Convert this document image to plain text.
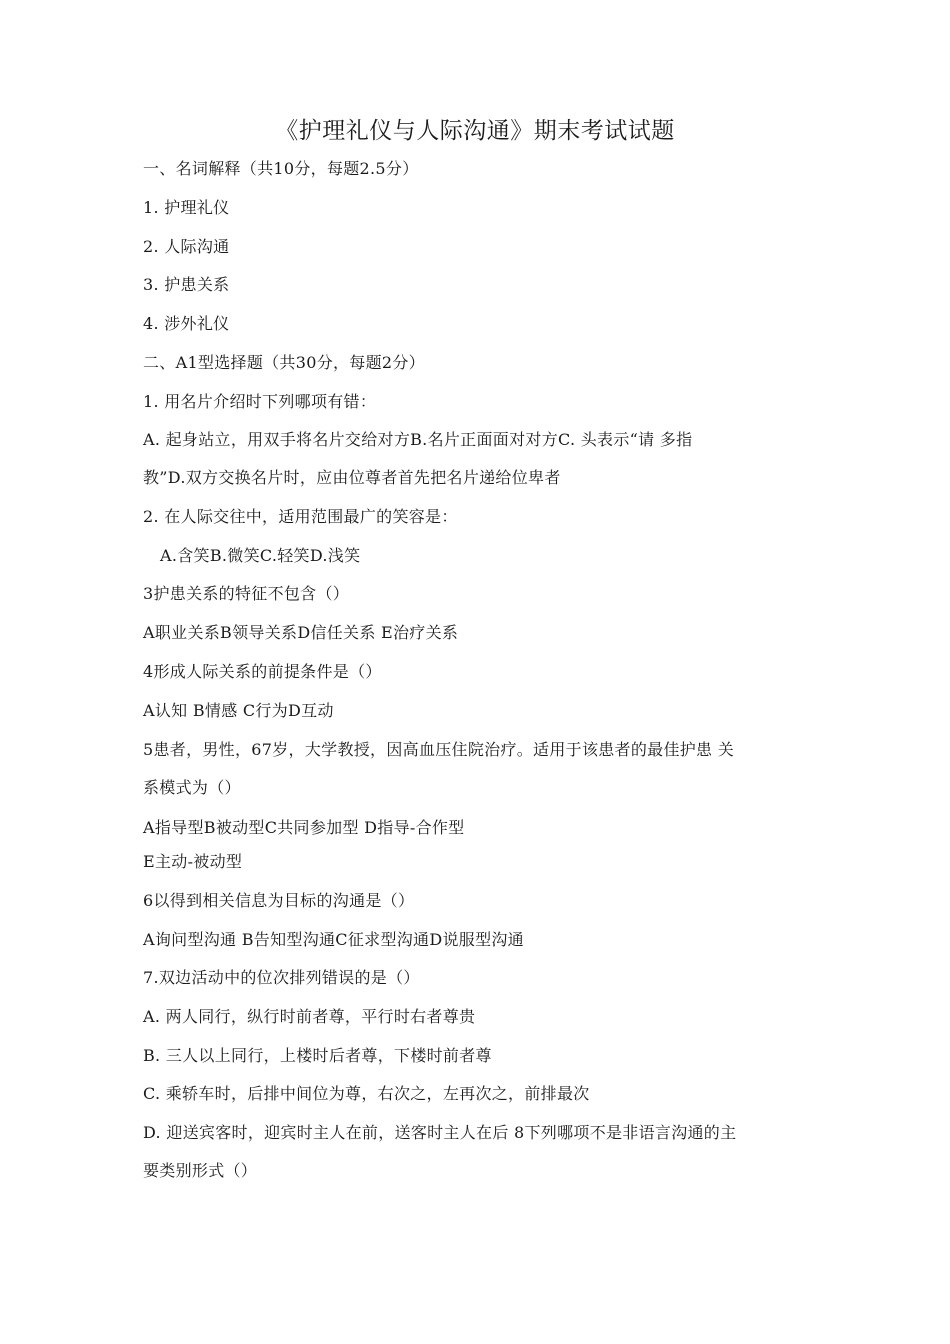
《护理礼仪与人际沟通》期末考试试题
一、名词解释（共10分，每题2.5分）
1. 护理礼仪
2. 人际沟通
3. 护患关系
4. 涉外礼仪
二、A1型选择题（共30分，每题2分）
1. 用名片介绍时下列哪项有错：
A. 起身站立，用双手将名片交给对方B.名片正面面对对方C. 头表示“请 多指
教”D.双方交换名片时，应由位尊者首先把名片递给位卑者
2. 在人际交往中，适用范围最广的笑容是：
A.含笑B.微笑C.轻笑D.浅笑
3护患关系的特征不包含（）
A职业关系B领导关系D信任关系 E治疗关系
4形成人际关系的前提条件是（）
A认知 B情感 C行为D互动
5患者，男性，67岁，大学教授，因高血压住院治疗。适用于该患者的最佳护患 关
系模式为（）
A指导型B被动型C共同参加型 D指导-合作型
E主动-被动型
6以得到相关信息为目标的沟通是（）
A询问型沟通 B告知型沟通C征求型沟通D说服型沟通
7.双边活动中的位次排列错误的是（）
A. 两人同行，纵行时前者尊，平行时右者尊贵
B. 三人以上同行，上楼时后者尊，下楼时前者尊
C. 乘轿车时，后排中间位为尊，右次之，左再次之，前排最次
D. 迎送宾客时，迎宾时主人在前，送客时主人在后 8下列哪项不是非语言沟通的主
要类别形式（）
